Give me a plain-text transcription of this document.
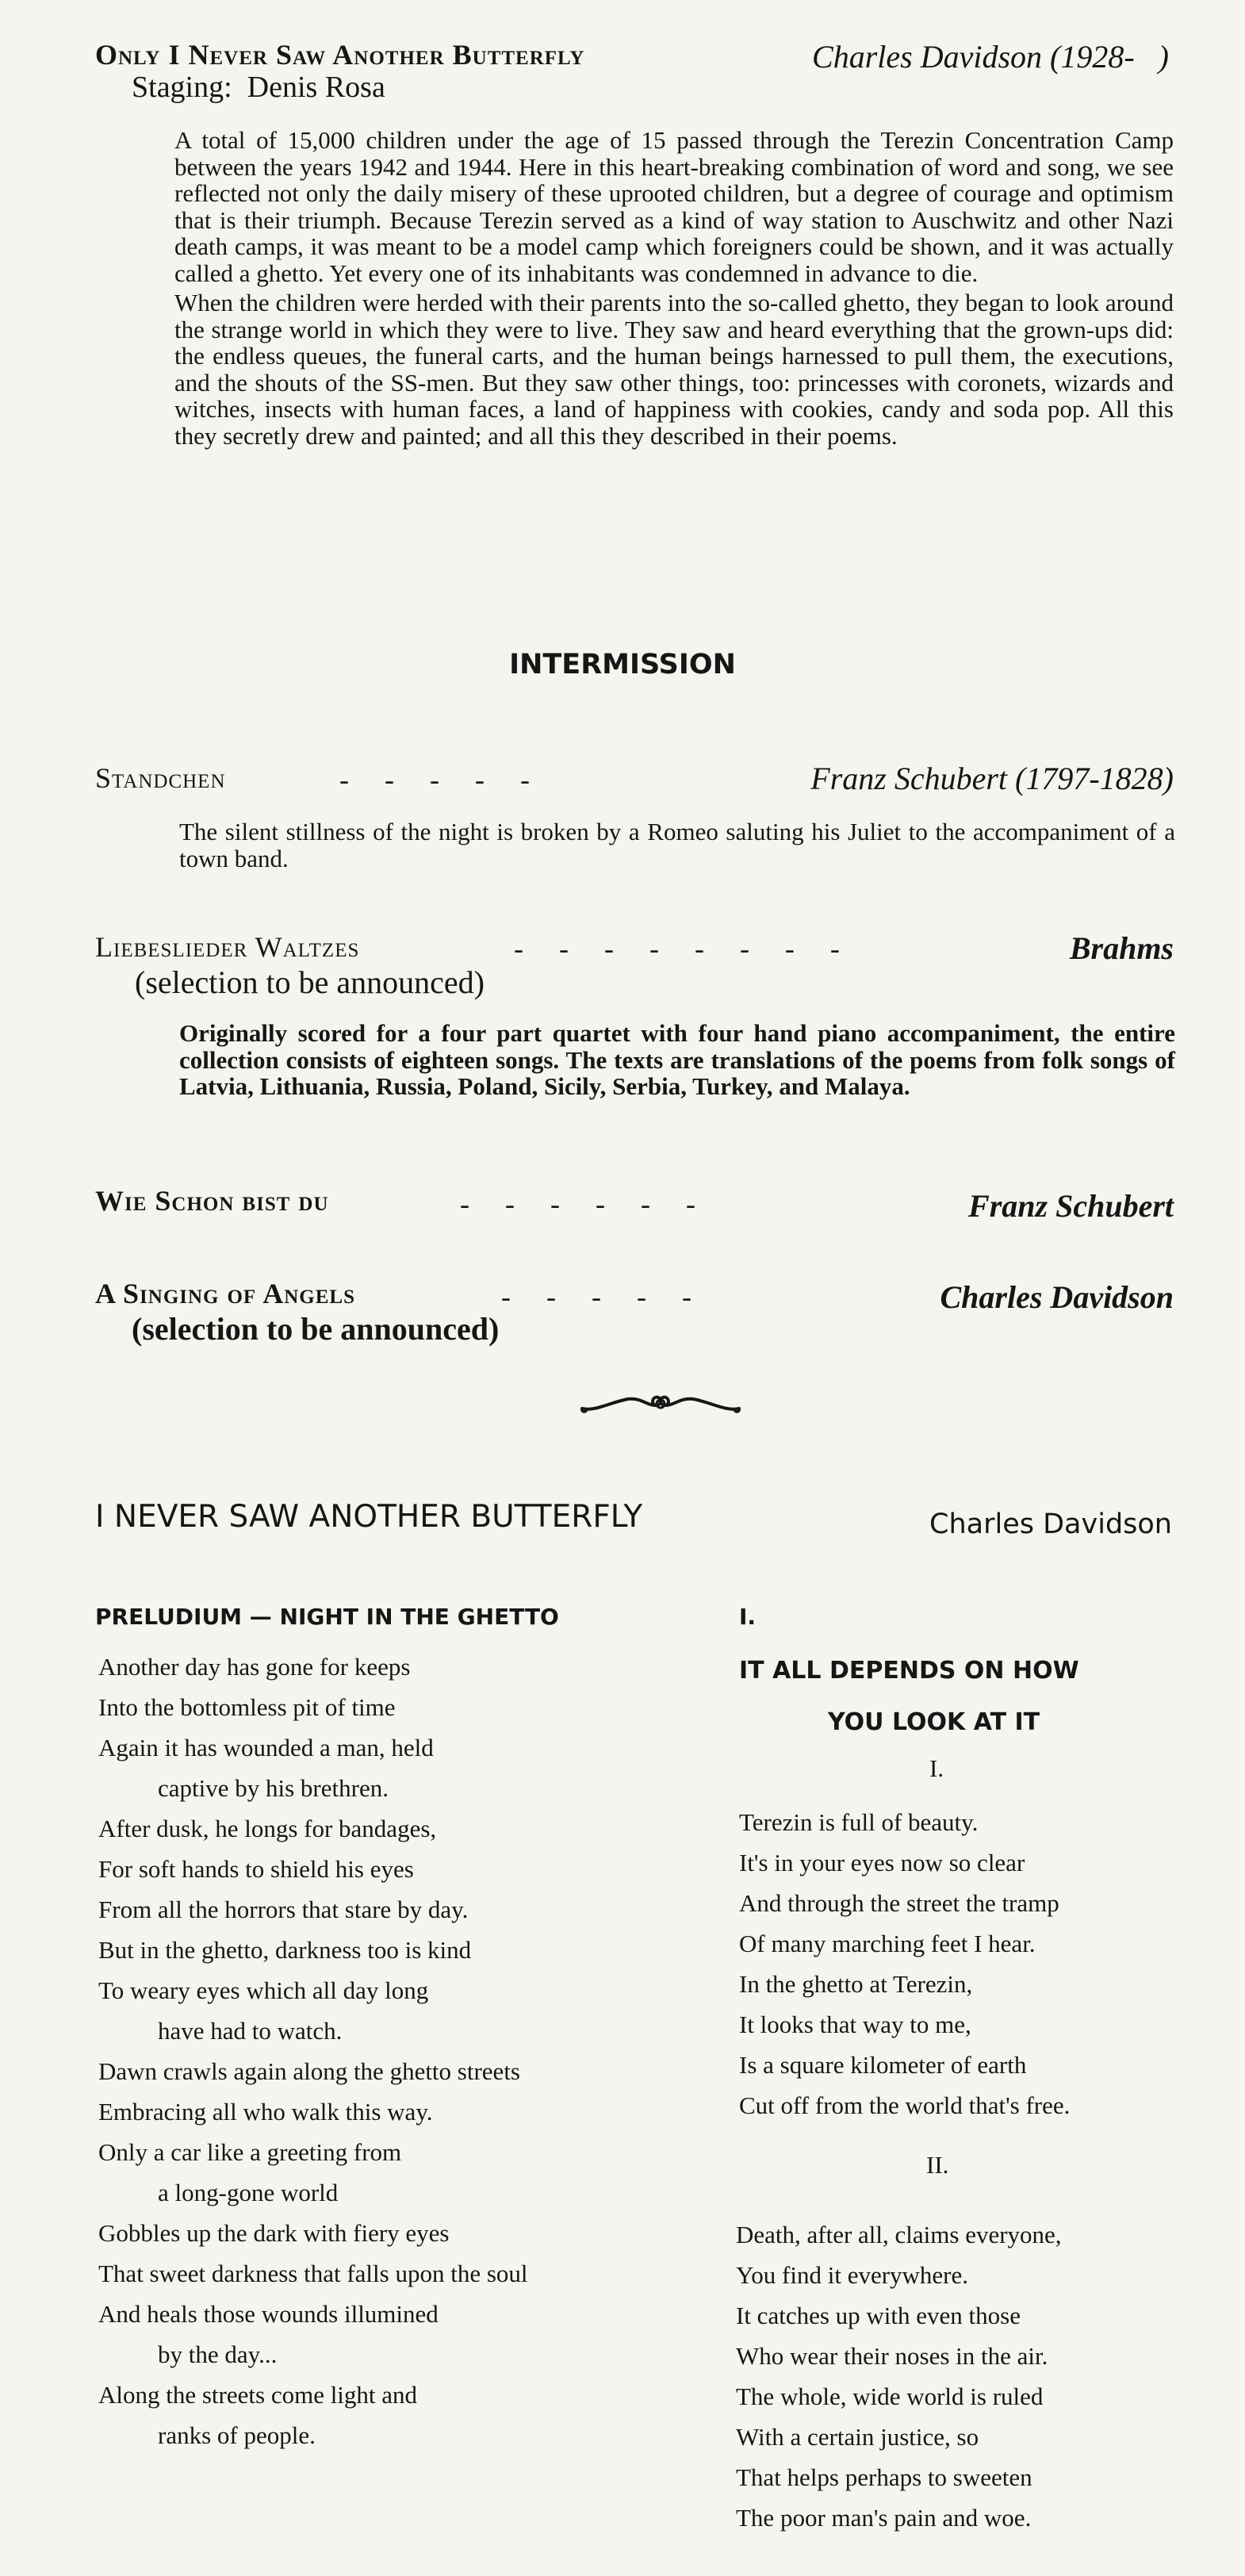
Only I Never Saw Another Butterfly	Charles Davidson (1928-   )
Staging:  Denis Rosa

A total of 15,000 children under the age of 15 passed through the Terezin Concentration Camp between the years 1942 and 1944. Here in this heart-breaking combination of word and song, we see reflected not only the daily misery of these uprooted children, but a degree of courage and optimism that is their triumph. Because Terezin served as a kind of way station to Auschwitz and other Nazi death camps, it was meant to be a model camp which foreigners could be shown, and it was actually called a ghetto. Yet every one of its inhabitants was condemned in advance to die.

When the children were herded with their parents into the so-called ghetto, they began to look around the strange world in which they were to live. They saw and heard everything that the grown-ups did: the endless queues, the funeral carts, and the human beings harnessed to pull them, the executions, and the shouts of the SS-men. But they saw other things, too: princesses with coronets, wizards and witches, insects with human faces, a land of happiness with cookies, candy and soda pop. All this they secretly drew and painted; and all this they described in their poems.

INTERMISSION
Standchen	-     -     -     -     -	Franz Schubert (1797-1828)
The silent stillness of the night is broken by a Romeo saluting his Juliet to the accompaniment of a town band.
Liebeslieder Waltzes	-     -     -     -     -     -     -     -	Brahms
(selection to be announced)
Originally scored for a four part quartet with four hand piano accompaniment, the entire collection consists of eighteen songs. The texts are translations of the poems from folk songs of Latvia, Lithuania, Russia, Poland, Sicily, Serbia, Turkey, and Malaya.
Wie Schon bist du	-     -     -     -     -     -	Franz Schubert
A Singing of Angels	-     -     -     -     -	Charles Davidson
(selection to be announced)
I NEVER SAW ANOTHER BUTTERFLY	Charles Davidson
PRELUDIUM — NIGHT IN THE GHETTO
Another day has gone for keeps
Into the bottomless pit of time
Again it has wounded a man, held
captive by his brethren.
After dusk, he longs for bandages,
For soft hands to shield his eyes
From all the horrors that stare by day.
But in the ghetto, darkness too is kind
To weary eyes which all day long
have had to watch.
Dawn crawls again along the ghetto streets
Embracing all who walk this way.
Only a car like a greeting from
a long-gone world
Gobbles up the dark with fiery eyes
That sweet darkness that falls upon the soul
And heals those wounds illumined
by the day...
Along the streets come light and
ranks of people.
I.
IT ALL DEPENDS ON HOW
YOU LOOK AT IT
I.
Terezin is full of beauty.
It's in your eyes now so clear
And through the street the tramp
Of many marching feet I hear.
In the ghetto at Terezin,
It looks that way to me,
Is a square kilometer of earth
Cut off from the world that's free.
II.
Death, after all, claims everyone,
You find it everywhere.
It catches up with even those
Who wear their noses in the air.
The whole, wide world is ruled
With a certain justice, so
That helps perhaps to sweeten
The poor man's pain and woe.
